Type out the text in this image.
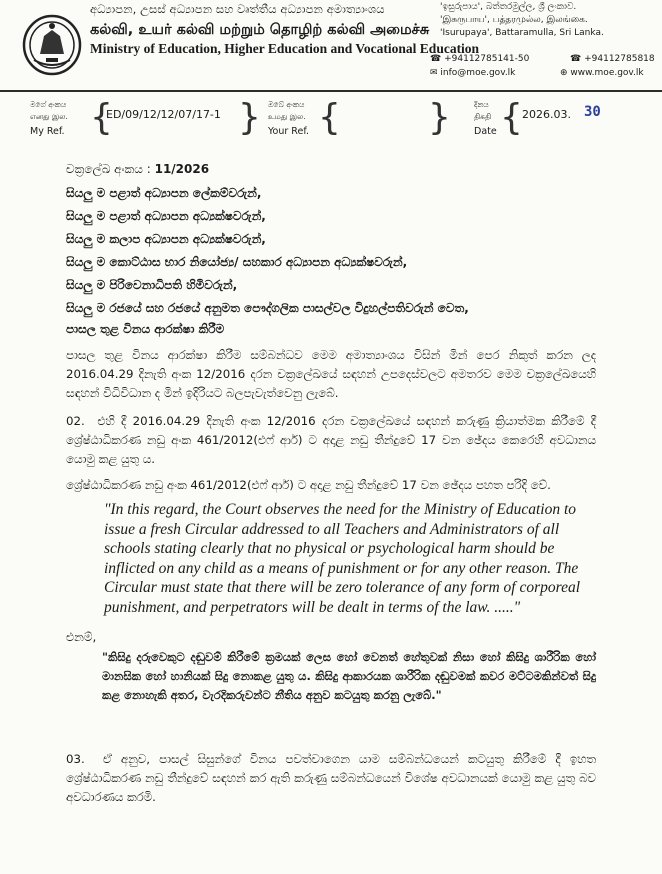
අධ්‍යාපන, උසස් අධ්‍යාපන සහ වෘත්තීය අධ්‍යාපන අමාත්‍යාංශය
கல்வி, உயர் கல்வி மற்றும் தொழிற் கல்வி அமைச்சு
Ministry of Education, Higher Education and Vocational Education
'ඉසුරුපාය', බත්තරමුල්ල, ශ්‍රී ලංකාව.
'இசுருபாய', பத்தரமுல்ல, இலங்கை.
'Isurupaya', Battaramulla, Sri Lanka.
☎ +94112785141-50	☎ +94112785818
✉ info@moe.gov.lk	⊕ www.moe.gov.lk
මගේ අංකය
எனது இல.
My Ref. {
ED/09/12/12/07/17-1 } ඔබේ අංකය
உமது இல.
Your Ref. { }	දිනය
திகதி
Date { 2026.03. 30
චක්‍රලේඛ අංකය : 11/2026
සියලු ම පළාත් අධ්‍යාපන ලේකම්වරුන්,
සියලු ම පළාත් අධ්‍යාපන අධ්‍යක්ෂවරුන්,
සියලු ම කලාප අධ්‍යාපන අධ්‍යක්ෂවරුන්,
සියලු ම කොට්ඨාස භාර නියෝජ්‍ය/ සහකාර අධ්‍යාපන අධ්‍යක්ෂවරුන්,
සියලු ම පිරිවෙනාධිපති හිමිවරුන්,
සියලු ම රජයේ සහ රජයේ අනුමත පෞද්ගලික පාසල්වල විදුහල්පතිවරුන් වෙත,
පාසල තුළ විනය ආරක්ෂා කිරීම
පාසල තුළ විනය ආරක්ෂා කිරීම සම්බන්ධව මෙම අමාත්‍යාංශය විසින් මින් පෙර නිකුත් කරන ලද 2016.04.29 දිනැති අංක 12/2016 දරන චක්‍රලේඛයේ සඳහන් උපදෙස්වලට අමතරව මෙම චක්‍රලේඛයෙහි සඳහන් විධිවිධාන ද මින් ඉදිරියට බලපැවැත්වෙනු ලැබේ.
02. එහි දී 2016.04.29 දිනැති අංක 12/2016 දරන චක්‍රලේඛයේ සඳහන් කරුණු ක්‍රියාත්මක කිරීමේ දී ශ්‍රේෂ්ඨාධිකරණ නඩු අංක 461/2012(එෆ් ආර්) ට අදාළ නඩු තීන්දුවේ 17 වන ඡේදය කෙරෙහි අවධානය යොමු කළ යුතු ය.
ශ්‍රේෂ්ඨාධිකරණ නඩු අංක 461/2012(එෆ් ආර්) ට අදාළ නඩු තීන්දුවේ 17 වන ඡේදය පහත පරිදි වේ.
"In this regard, the Court observes the need for the Ministry of Education to
issue a fresh Circular addressed to all Teachers and Administrators of all
schools stating clearly that no physical or psychological harm should be
inflicted on any child as a means of punishment or for any other reason. The
Circular must state that there will be zero tolerance of any form of corporeal
punishment, and perpetrators will be dealt in terms of the law. ....."
එනම්,
"කිසිදු දරුවෙකුට දඬුවම් කිරීමේ ක්‍රමයක් ලෙස හෝ වෙනත් හේතුවක් නිසා හෝ කිසිදු ශාරීරික හෝ මානසික හෝ හානියක් සිදු නොකළ යුතු ය. කිසිදු ආකාරයක ශාරීරික දඬුවමක් කවර මට්ටමකින්වත් සිදු කළ නොහැකි අතර, වැරදිකරුවන්ට නීතිය අනුව කටයුතු කරනු ලැබේ."
03. ඒ අනුව, පාසල් සිසුන්ගේ විනය පවත්වාගෙන යාම සම්බන්ධයෙන් කටයුතු කිරීමේ දී ඉහත ශ්‍රේෂ්ඨාධිකරණ නඩු තීන්දුවේ සඳහන් කර ඇති කරුණු සම්බන්ධයෙන් විශේෂ අවධානයක් යොමු කළ යුතු බව අවධාරණය කරමි.
